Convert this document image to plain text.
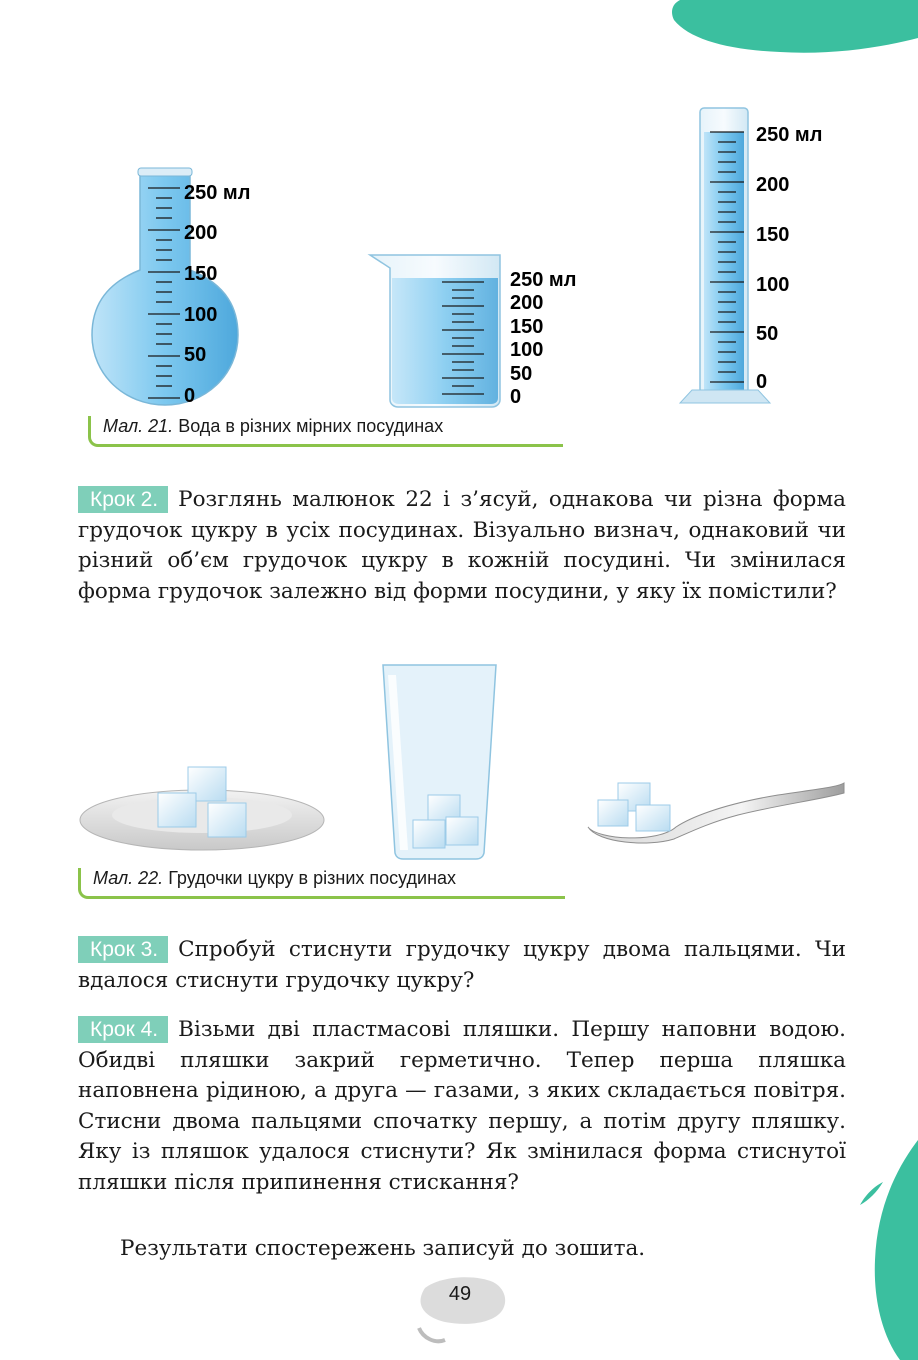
250 мл
200
150
100
50
0
250 мл
200
150
100
50
0
250 мл
200
150
100
50
0
Мал. 21. Вода в різних мірних посудинах

Крок 2. Розглянь малюнок 22 і з’ясуй, однакова чи різна форма грудочок цукру в усіх посудинах. Візуально визнач, однаковий чи різний об’єм грудочок цукру в кожній посудині. Чи змінилася форма грудочок залежно від форми посудини, у яку їх помістили?

Мал. 22. Грудочки цукру в різних посудинах

Крок 3. Спробуй стиснути грудочку цукру двома пальцями. Чи вдалося стиснути грудочку цукру?

Крок 4. Візьми дві пластмасові пляшки. Першу наповни водою. Обидві пляшки закрий герметично. Тепер перша пляшка наповнена рідиною, а друга — газами, з яких складається повітря. Стисни двома пальцями спочатку першу, а потім другу пляшку. Яку із пляшок удалося стиснути? Як змінилася форма стиснутої пляшки після припинення стискання?

Результати спостережень записуй до зошита.

49
